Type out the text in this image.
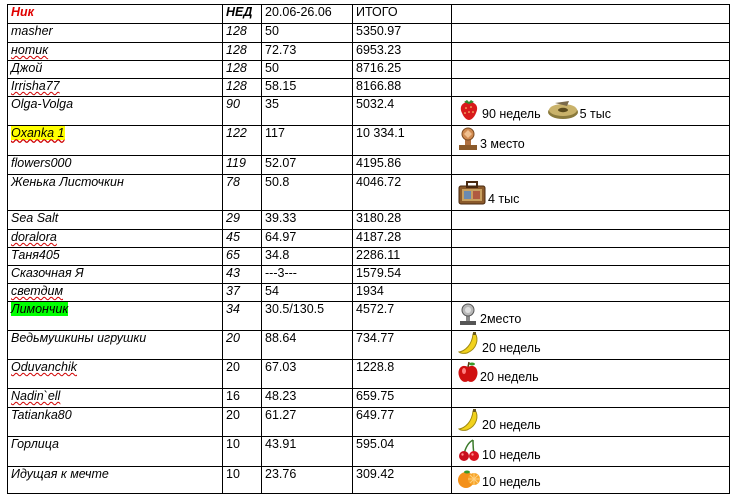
Ник	НЕД	20.06-26.06	ИТОГО	
masher	128	50	5350.97	
нотик	128	72.73	6953.23	
Джой	128	50	8716.25	
Irrisha77	128	58.15	8166.88	
Olga-Volga	90	35	5032.4	90 недель 5 тыс

Oxanka 1	122	117	10 334.1	3 место

flowers000	119	52.07	4195.86	
Женька Листочкин	78	50.8	4046.72	4 тыс

Sea Salt	29	39.33	3180.28	
doralora	45	64.97	4187.28	
Таня405	65	34.8	2286.11	
Сказочная Я	43	---3---	1579.54	
светдим	37	54	1934	
Лимончик	34	30.5/130.5	4572.7	2место

Ведьмушкины игрушки	20	88.64	734.77	20 недель

Oduvanchik	20	67.03	1228.8	20 недель

Nadin`ell	16	48.23	659.75	
Tatianka80	20	61.27	649.77	20 недель

Горлица	10	43.91	595.04	10 недель

Идущая к мечте	10	23.76	309.42	10 недель
